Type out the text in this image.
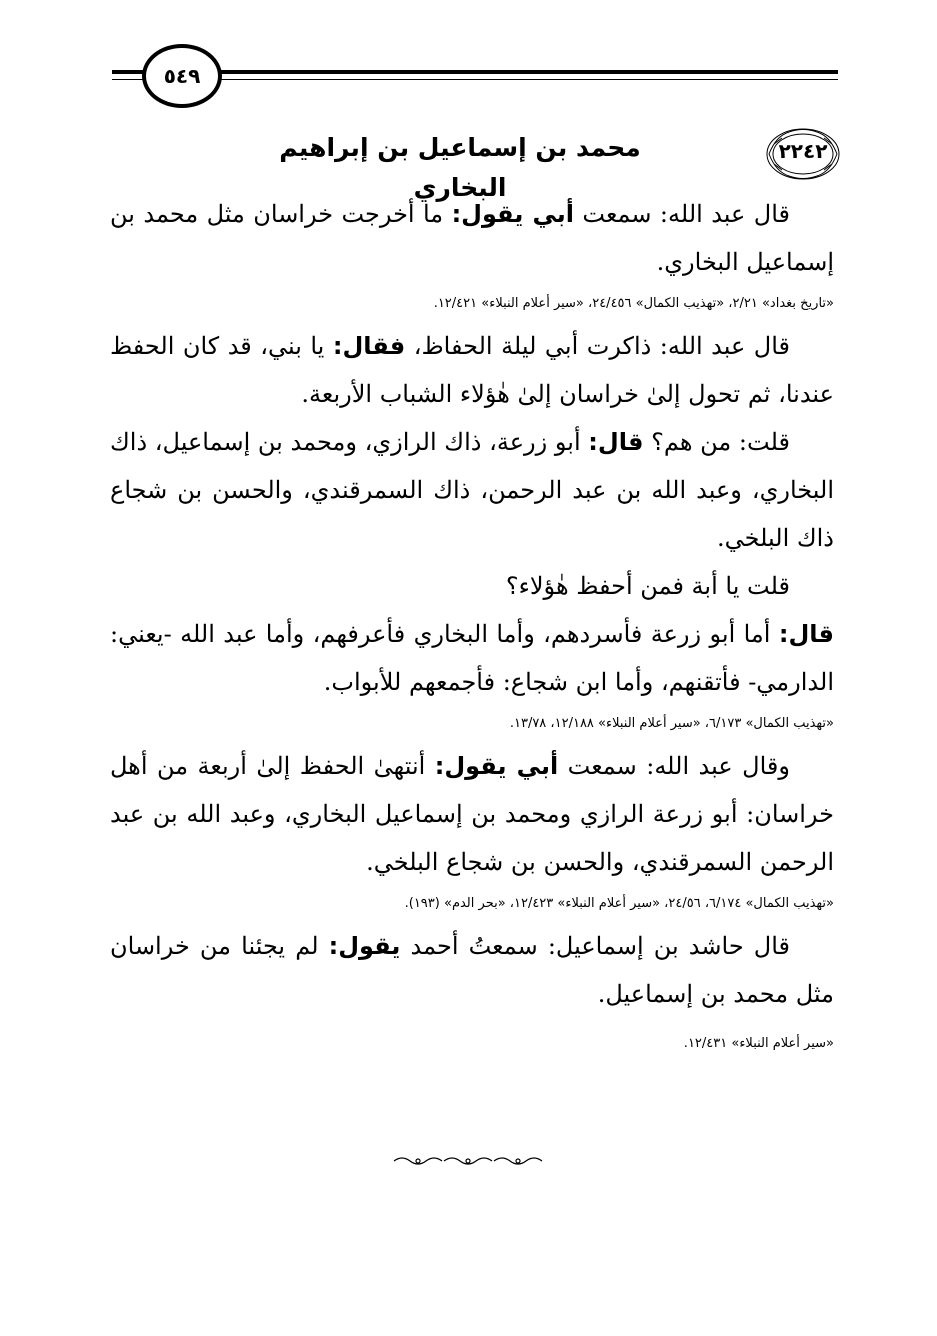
٥٤٩
٢٢٤٢
محمد بن إسماعيل بن إبراهيم البخاري

قال عبد الله: سمعت أبي يقول: ما أخرجت خراسان مثل محمد بن إسماعيل البخاري.

«تاريخ بغداد» ٢/٢١، «تهذيب الكمال» ٢٤/٤٥٦، «سير أعلام النبلاء» ١٢/٤٢١.

قال عبد الله: ذاكرت أبي ليلة الحفاظ، فقال: يا بني، قد كان الحفظ عندنا، ثم تحول إلىٰ خراسان إلىٰ هٰؤلاء الشباب الأربعة.

قلت: من هم؟ قال: أبو زرعة، ذاك الرازي، ومحمد بن إسماعيل، ذاك البخاري، وعبد الله بن عبد الرحمن، ذاك السمرقندي، والحسن بن شجاع ذاك البلخي.

قلت يا أبة فمن أحفظ هٰؤلاء؟

قال: أما أبو زرعة فأسردهم، وأما البخاري فأعرفهم، وأما عبد الله -يعني: الدارمي- فأتقنهم، وأما ابن شجاع: فأجمعهم للأبواب.

«تهذيب الكمال» ٦/١٧٣، «سير أعلام النبلاء» ١٢/١٨٨، ١٣/٧٨.

وقال عبد الله: سمعت أبي يقول: أنتهىٰ الحفظ إلىٰ أربعة من أهل خراسان: أبو زرعة الرازي ومحمد بن إسماعيل البخاري، وعبد الله بن عبد الرحمن السمرقندي، والحسن بن شجاع البلخي.

«تهذيب الكمال» ٦/١٧٤، ٢٤/٥٦، «سير أعلام النبلاء» ١٢/٤٢٣، «بحر الدم» (١٩٣).

قال حاشد بن إسماعيل: سمعتُ أحمد يقول: لم يجئنا من خراسان مثل محمد بن إسماعيل.

«سير أعلام النبلاء» ١٢/٤٣١.
